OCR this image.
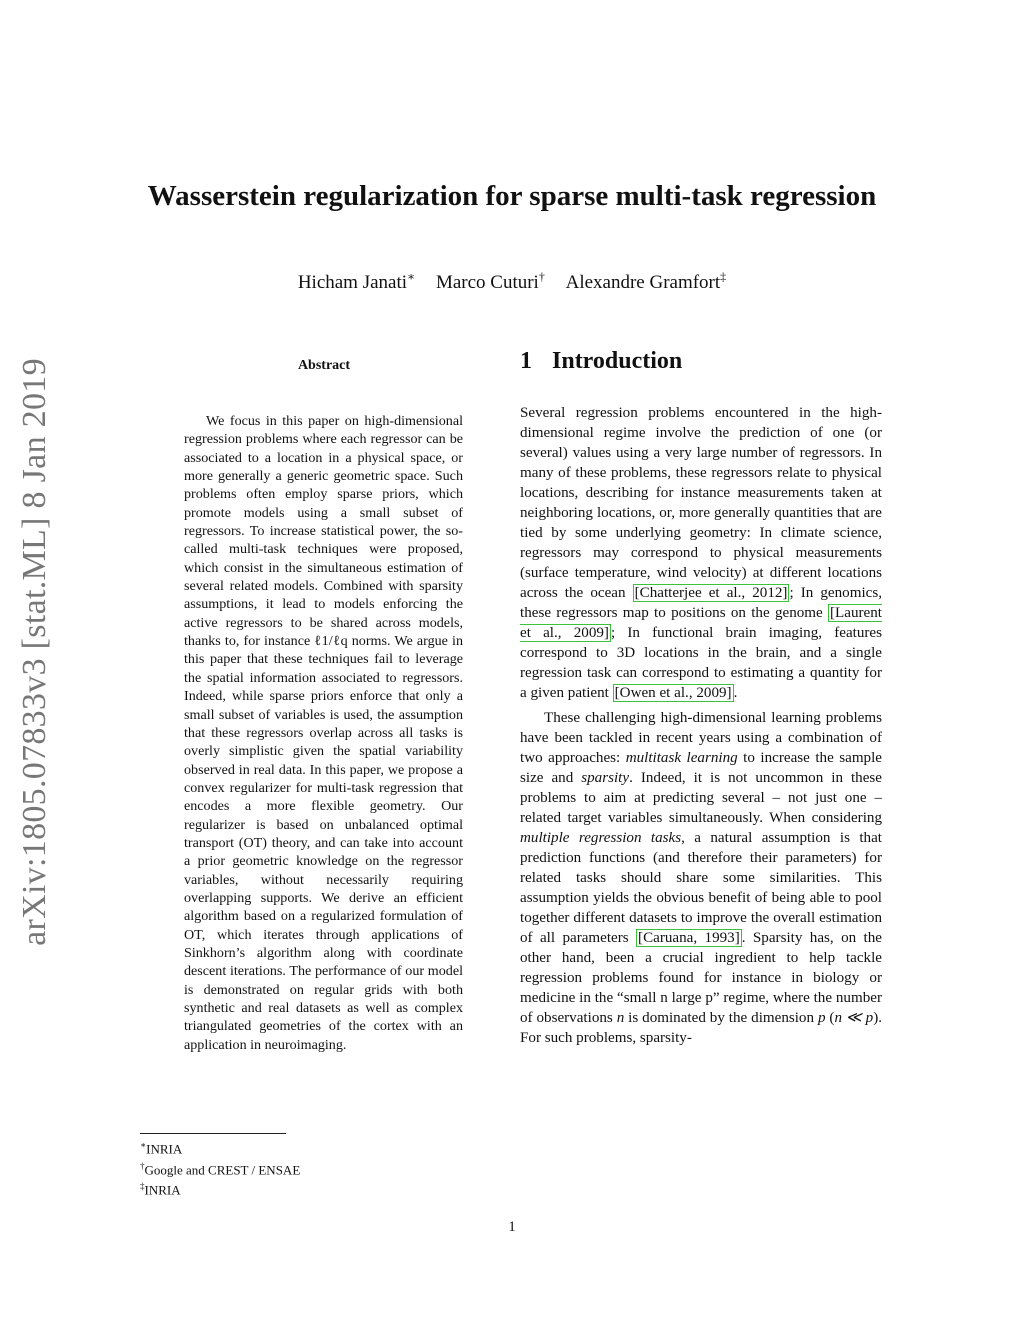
arXiv:1805.07833v3 [stat.ML] 8 Jan 2019
Wasserstein regularization for sparse multi-task regression
Hicham Janati∗ Marco Cuturi† Alexandre Gramfort‡
Abstract

We focus in this paper on high-dimensional regression problems where each regressor can be associated to a location in a physical space, or more generally a generic geometric space. Such problems often employ sparse priors, which promote models using a small subset of regressors. To increase statistical power, the so-called multi-task techniques were proposed, which consist in the simultaneous estimation of several related models. Combined with sparsity assumptions, it lead to models enforcing the active regressors to be shared across models, thanks to, for instance ℓ1/ℓq norms. We argue in this paper that these techniques fail to leverage the spatial information associated to regressors. Indeed, while sparse priors enforce that only a small subset of variables is used, the assumption that these regressors overlap across all tasks is overly simplistic given the spatial variability observed in real data. In this paper, we propose a convex regularizer for multi-task regression that encodes a more flexible geometry. Our regularizer is based on unbalanced optimal transport (OT) theory, and can take into account a prior geometric knowledge on the regressor variables, without necessarily requiring overlapping supports. We derive an efficient algorithm based on a regularized formulation of OT, which iterates through applications of Sinkhorn’s algorithm along with coordinate descent iterations. The performance of our model is demonstrated on regular grids with both synthetic and real datasets as well as complex triangulated geometries of the cortex with an application in neuroimaging.

∗INRIA
†Google and CREST / ENSAE
‡INRIA
1 Introduction

Several regression problems encountered in the high-dimensional regime involve the prediction of one (or several) values using a very large number of regressors. In many of these problems, these regressors relate to physical locations, describing for instance measurements taken at neighboring locations, or, more generally quantities that are tied by some underlying geometry: In climate science, regressors may correspond to physical measurements (surface temperature, wind velocity) at different locations across the ocean [Chatterjee et al., 2012] ; In genomics, these regressors map to positions on the genome [Laurent et al., 2009] ; In functional brain imaging, features correspond to 3D locations in the brain, and a single regression task can correspond to estimating a quantity for a given patient [Owen et al., 2009] .

These challenging high-dimensional learning problems have been tackled in recent years using a combination of two approaches: multitask learning to increase the sample size and sparsity. Indeed, it is not uncommon in these problems to aim at predicting several – not just one – related target variables simultaneously. When considering multiple regression tasks, a natural assumption is that prediction functions (and therefore their parameters) for related tasks should share some similarities. This assumption yields the obvious benefit of being able to pool together different datasets to improve the overall estimation of all parameters [Caruana, 1993] . Sparsity has, on the other hand, been a crucial ingredient to help tackle regression problems found for instance in biology or medicine in the “small n large p” regime, where the number of observations n is dominated by the dimension p (n ≪ p). For such problems, sparsity-

1
